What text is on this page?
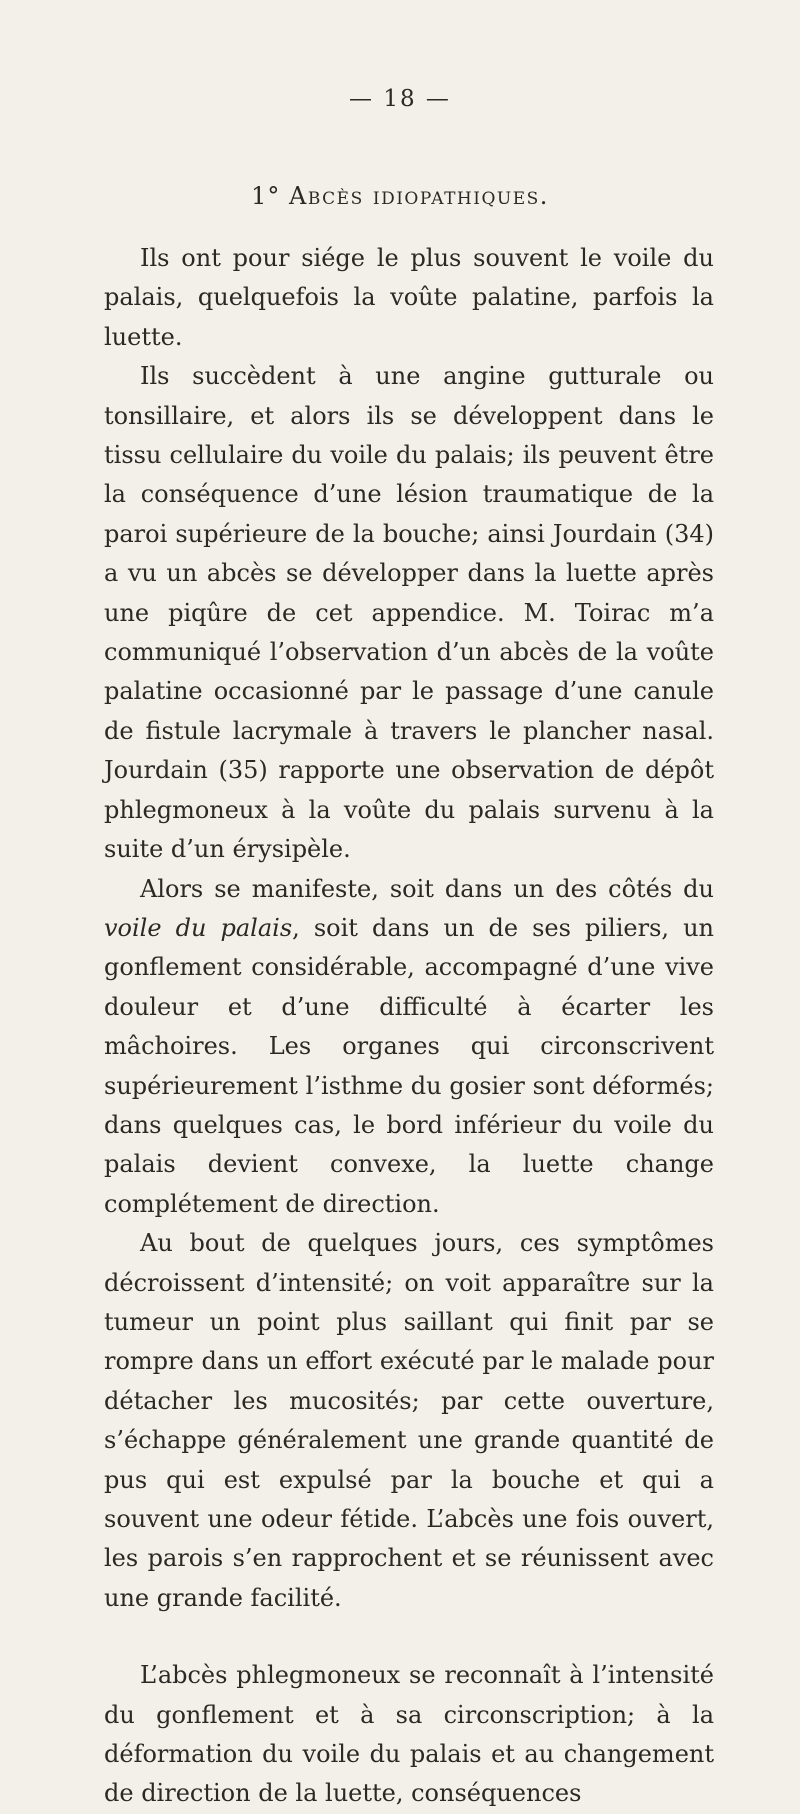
— 18 —
1° Abcès idiopathiques.

Ils ont pour siége le plus souvent le voile du palais, quelquefois la voûte palatine, parfois la luette.

Ils succèdent à une angine gutturale ou tonsillaire, et alors ils se développent dans le tissu cellulaire du voile du palais; ils peuvent être la conséquence d’une lésion traumatique de la paroi supérieure de la bouche; ainsi Jourdain (34) a vu un abcès se développer dans la luette après une piqûre de cet appendice. M. Toirac m’a communiqué l’observation d’un abcès de la voûte palatine occasionné par le passage d’une canule de fistule lacrymale à travers le plancher nasal. Jourdain (35) rapporte une observation de dépôt phlegmoneux à la voûte du palais survenu à la suite d’un érysipèle.

Alors se manifeste, soit dans un des côtés du voile du palais, soit dans un de ses piliers, un gonflement considérable, accompagné d’une vive douleur et d’une difficulté à écarter les mâchoires. Les organes qui circonscrivent supérieurement l’isthme du gosier sont déformés; dans quelques cas, le bord inférieur du voile du palais devient convexe, la luette change complétement de direction.

Au bout de quelques jours, ces symptômes décroissent d’intensité; on voit apparaître sur la tumeur un point plus saillant qui finit par se rompre dans un effort exécuté par le malade pour détacher les mucosités; par cette ouverture, s’échappe généralement une grande quantité de pus qui est expulsé par la bouche et qui a souvent une odeur fétide. L’abcès une fois ouvert, les parois s’en rapprochent et se réunissent avec une grande facilité.

L’abcès phlegmoneux se reconnaît à l’intensité du gonflement et à sa circonscription; à la déformation du voile du palais et au changement de direction de la luette, conséquences
